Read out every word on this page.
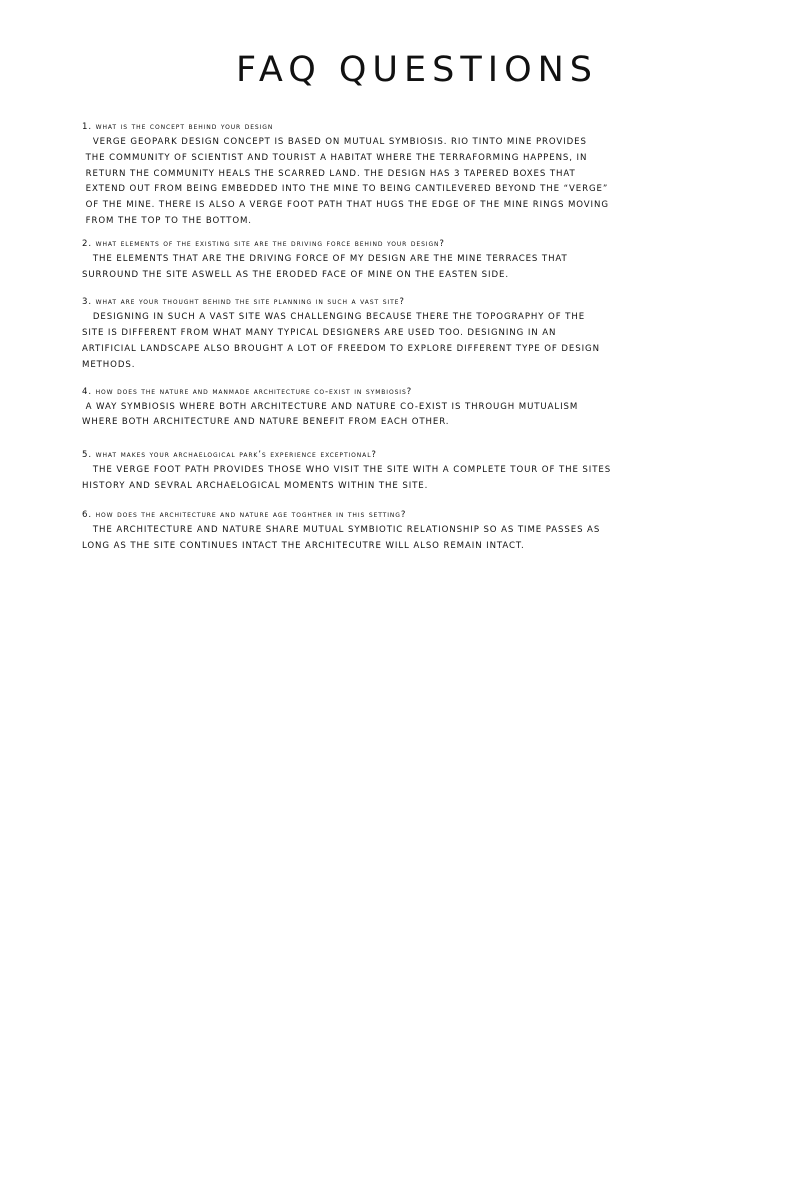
FAQ QUESTIONS

1. what is the concept behind your design

VERGE GEOPARK DESIGN CONCEPT IS BASED ON MUTUAL SYMBIOSIS. RIO TINTO MINE PROVIDES

THE COMMUNITY OF SCIENTIST AND TOURIST A HABITAT WHERE THE TERRAFORMING HAPPENS, IN

RETURN THE COMMUNITY HEALS THE SCARRED LAND. THE DESIGN HAS 3 TAPERED BOXES THAT

EXTEND OUT FROM BEING EMBEDDED INTO THE MINE TO BEING CANTILEVERED BEYOND THE “VERGE”

OF THE MINE. THERE IS ALSO A VERGE FOOT PATH THAT HUGS THE EDGE OF THE MINE RINGS MOVING

FROM THE TOP TO THE BOTTOM.

2. what elements of the existing site are the driving force behind your design?

THE ELEMENTS THAT ARE THE DRIVING FORCE OF MY DESIGN ARE THE MINE TERRACES THAT

SURROUND THE SITE ASWELL AS THE ERODED FACE OF MINE ON THE EASTEN SIDE.

3. what are your thought behind the site planning in such a vast site?

DESIGNING IN SUCH A VAST SITE WAS CHALLENGING BECAUSE THERE THE TOPOGRAPHY OF THE

SITE IS DIFFERENT FROM WHAT MANY TYPICAL DESIGNERS ARE USED TOO. DESIGNING IN AN

ARTIFICIAL LANDSCAPE ALSO BROUGHT A LOT OF FREEDOM TO EXPLORE DIFFERENT TYPE OF DESIGN

METHODS.

4. how does the nature and manmade architecture co-exist in symbiosis?

A WAY SYMBIOSIS WHERE BOTH ARCHITECTURE AND NATURE CO-EXIST IS THROUGH MUTUALISM

WHERE BOTH ARCHITECTURE AND NATURE BENEFIT FROM EACH OTHER.

5. what makes your archaelogical park’s experience exceptional?

THE VERGE FOOT PATH PROVIDES THOSE WHO VISIT THE SITE WITH A COMPLETE TOUR OF THE SITES

HISTORY AND SEVRAL ARCHAELOGICAL MOMENTS WITHIN THE SITE.

6. how does the architecture and nature age toghther in this setting?

THE ARCHITECTURE AND NATURE SHARE MUTUAL SYMBIOTIC RELATIONSHIP SO AS TIME PASSES AS

LONG AS THE SITE CONTINUES INTACT THE ARCHITECUTRE WILL ALSO REMAIN INTACT.
